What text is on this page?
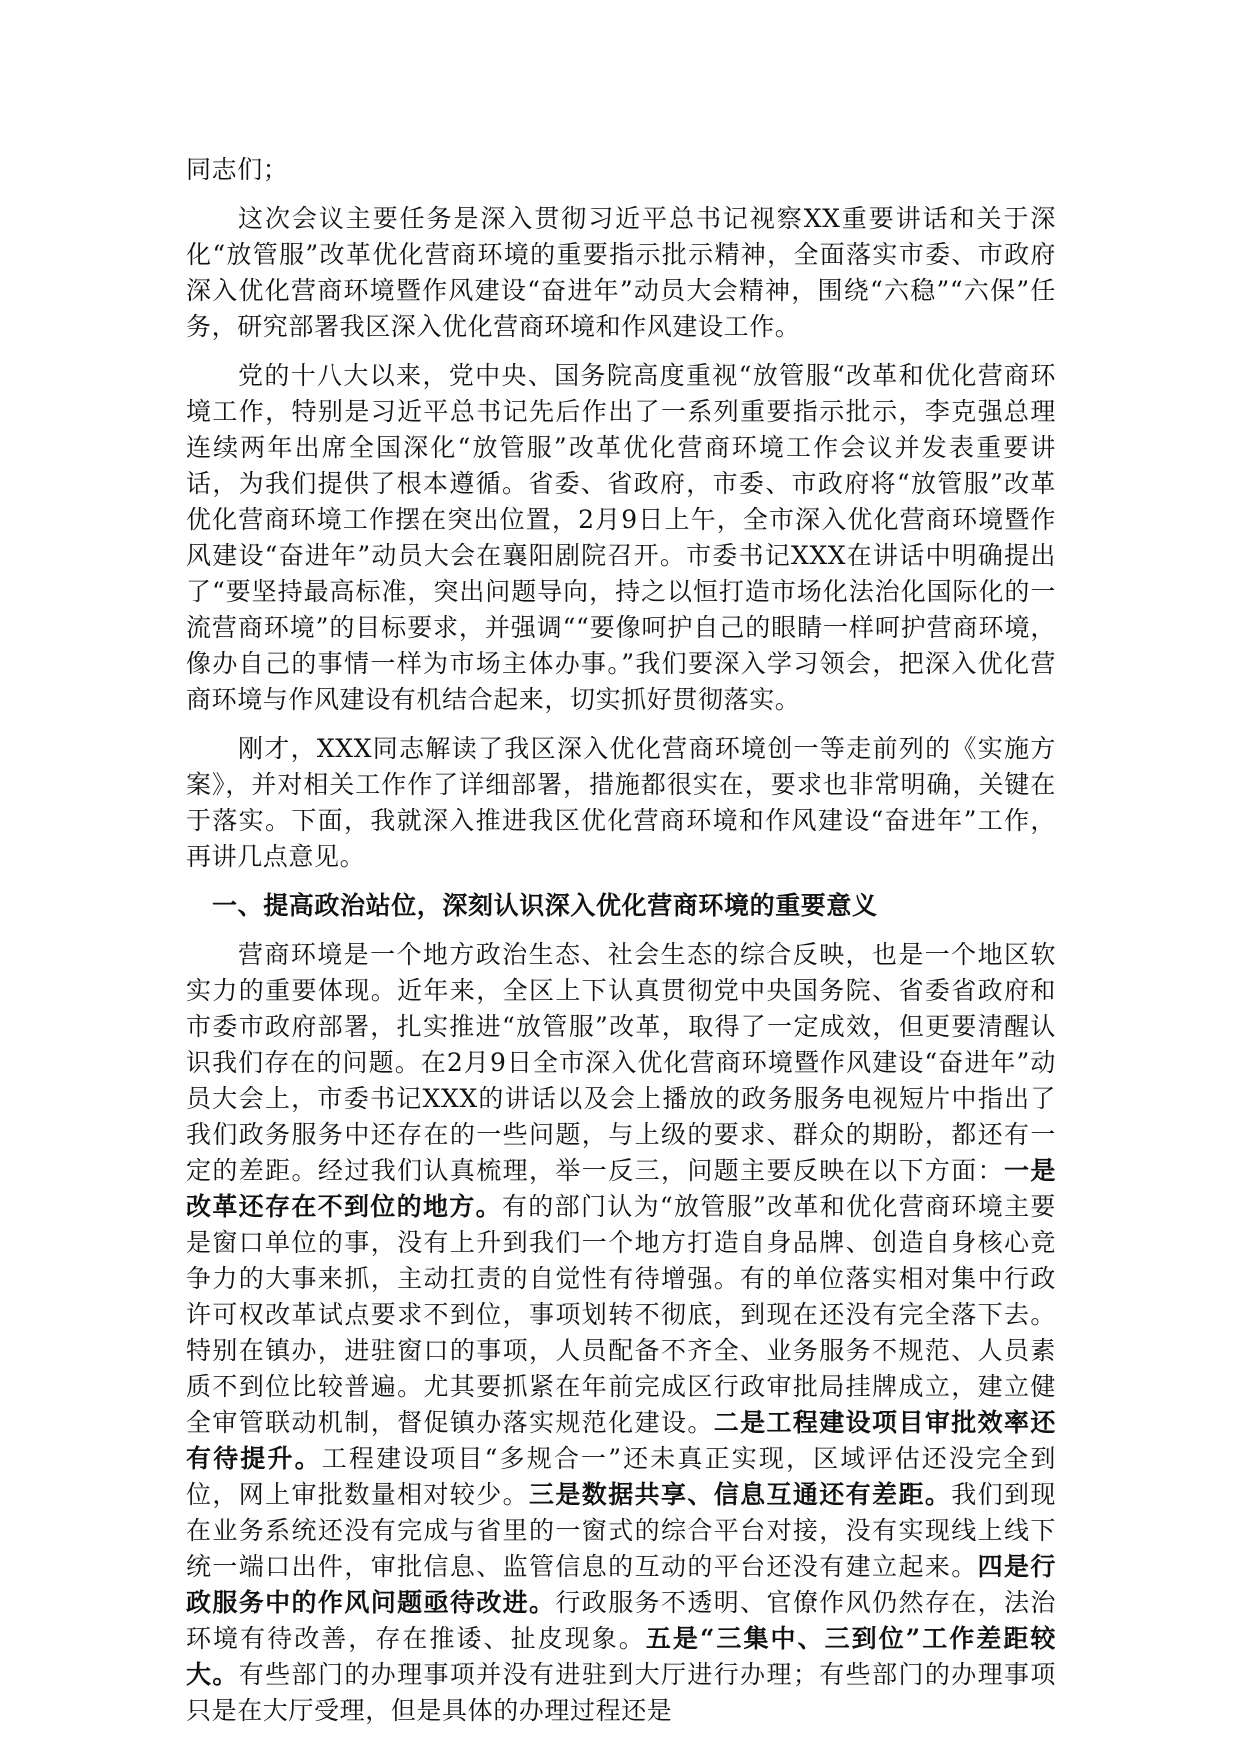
同志们；

这次会议主要任务是深入贯彻习近平总书记视察XX重要讲话和关于深化“放管服”改革优化营商环境的重要指示批示精神，全面落实市委、市政府深入优化营商环境暨作风建设“奋进年”动员大会精神，围绕“六稳”“六保”任务，研究部署我区深入优化营商环境和作风建设工作。

党的十八大以来，党中央、国务院高度重视“放管服“改革和优化营商环境工作，特别是习近平总书记先后作出了一系列重要指示批示，李克强总理连续两年出席全国深化“放管服”改革优化营商环境工作会议并发表重要讲话，为我们提供了根本遵循。省委、省政府，市委、市政府将“放管服”改革优化营商环境工作摆在突出位置，2月9日上午，全市深入优化营商环境暨作风建设“奋进年”动员大会在襄阳剧院召开。市委书记XXX在讲话中明确提出了“要坚持最高标准，突出问题导向，持之以恒打造市场化法治化国际化的一流营商环境”的目标要求，并强调““要像呵护自己的眼睛一样呵护营商环境，像办自己的事情一样为市场主体办事。”我们要深入学习领会，把深入优化营商环境与作风建设有机结合起来，切实抓好贯彻落实。

刚才，XXX同志解读了我区深入优化营商环境创一等走前列的《实施方案》，并对相关工作作了详细部署，措施都很实在，要求也非常明确，关键在于落实。下面，我就深入推进我区优化营商环境和作风建设“奋进年”工作，再讲几点意见。

一、提高政治站位，深刻认识深入优化营商环境的重要意义

营商环境是一个地方政治生态、社会生态的综合反映，也是一个地区软实力的重要体现。近年来，全区上下认真贯彻党中央国务院、省委省政府和市委市政府部署，扎实推进“放管服”改革，取得了一定成效，但更要清醒认识我们存在的问题。在2月9日全市深入优化营商环境暨作风建设“奋进年”动员大会上，市委书记XXX的讲话以及会上播放的政务服务电视短片中指出了我们政务服务中还存在的一些问题，与上级的要求、群众的期盼，都还有一定的差距。经过我们认真梳理，举一反三，问题主要反映在以下方面：一是改革还存在不到位的地方。有的部门认为“放管服”改革和优化营商环境主要是窗口单位的事，没有上升到我们一个地方打造自身品牌、创造自身核心竞争力的大事来抓，主动扛责的自觉性有待增强。有的单位落实相对集中行政许可权改革试点要求不到位，事项划转不彻底，到现在还没有完全落下去。特别在镇办，进驻窗口的事项，人员配备不齐全、业务服务不规范、人员素质不到位比较普遍。尤其要抓紧在年前完成区行政审批局挂牌成立，建立健全审管联动机制，督促镇办落实规范化建设。二是工程建设项目审批效率还有待提升。工程建设项目“多规合一”还未真正实现，区域评估还没完全到位，网上审批数量相对较少。三是数据共享、信息互通还有差距。我们到现在业务系统还没有完成与省里的一窗式的综合平台对接，没有实现线上线下统一端口出件，审批信息、监管信息的互动的平台还没有建立起来。四是行政服务中的作风问题亟待改进。行政服务不透明、官僚作风仍然存在，法治环境有待改善，存在推诿、扯皮现象。五是“三集中、三到位”工作差距较大。有些部门的办理事项并没有进驻到大厅进行办理；有些部门的办理事项只是在大厅受理，但是具体的办理过程还是
